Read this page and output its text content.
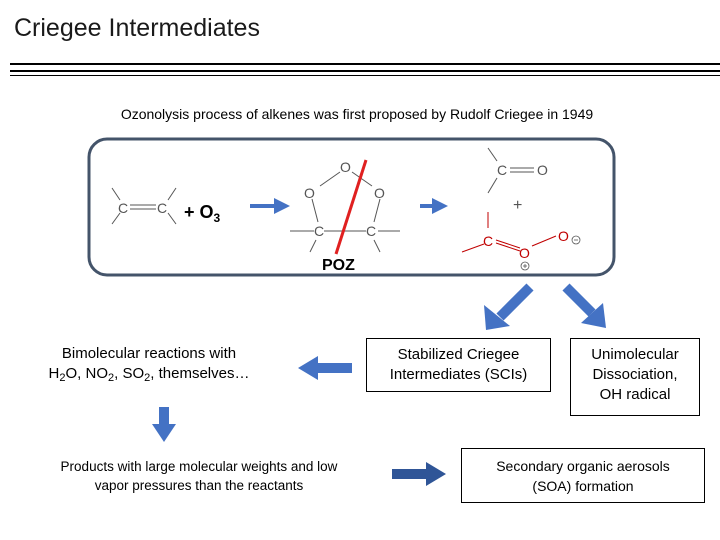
Criegee Intermediates
Ozonolysis process of alkenes was first proposed by Rudolf Criegee in 1949
C $C + O_3$
O
O	O
C	C
POZ
C O
+
C
O
O
Bimolecular reactions with
$H_2O$, $NO_2$, $SO_2$, themselves…
Stabilized Criegee
Intermediates (SCIs)
Unimolecular
Dissociation,
OH radical
Products with large molecular weights and low
vapor pressures than the reactants
Secondary organic aerosols
(SOA) formation
